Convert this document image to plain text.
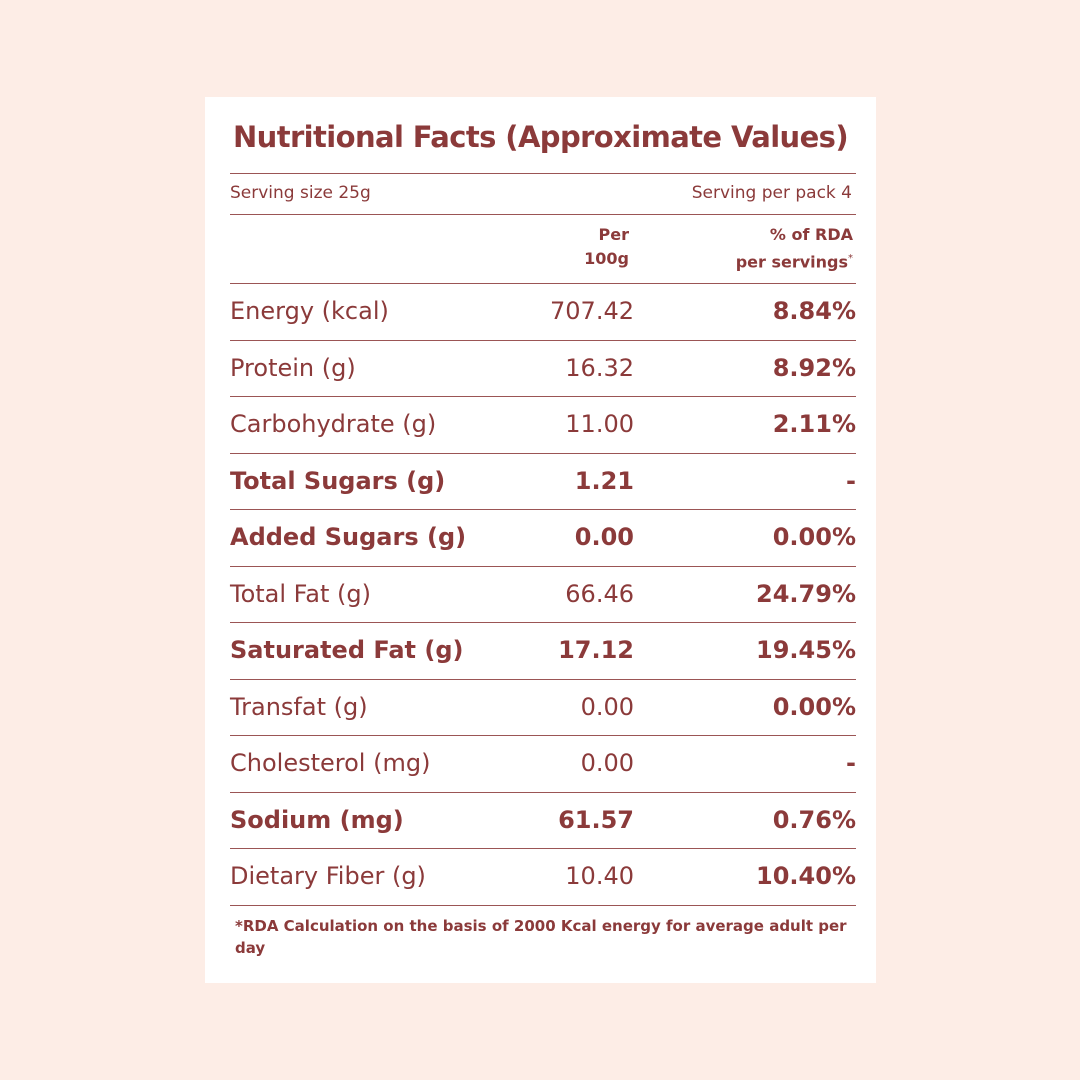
Nutritional Facts (Approximate Values)
Serving size 25g	Serving per pack 4
Per
100g
% of RDA
per servings*
Energy (kcal)	707.42	8.84%
Protein (g)	16.32	8.92%
Carbohydrate (g)	11.00	2.11%
Total Sugars (g)	1.21	-
Added Sugars (g)	0.00	0.00%
Total Fat (g)	66.46	24.79%
Saturated Fat (g)	17.12	19.45%
Transfat (g)	0.00	0.00%
Cholesterol (mg)	0.00	-
Sodium (mg)	61.57	0.76%
Dietary Fiber (g)	10.40	10.40%
*RDA Calculation on the basis of 2000 Kcal energy for average adult per day
